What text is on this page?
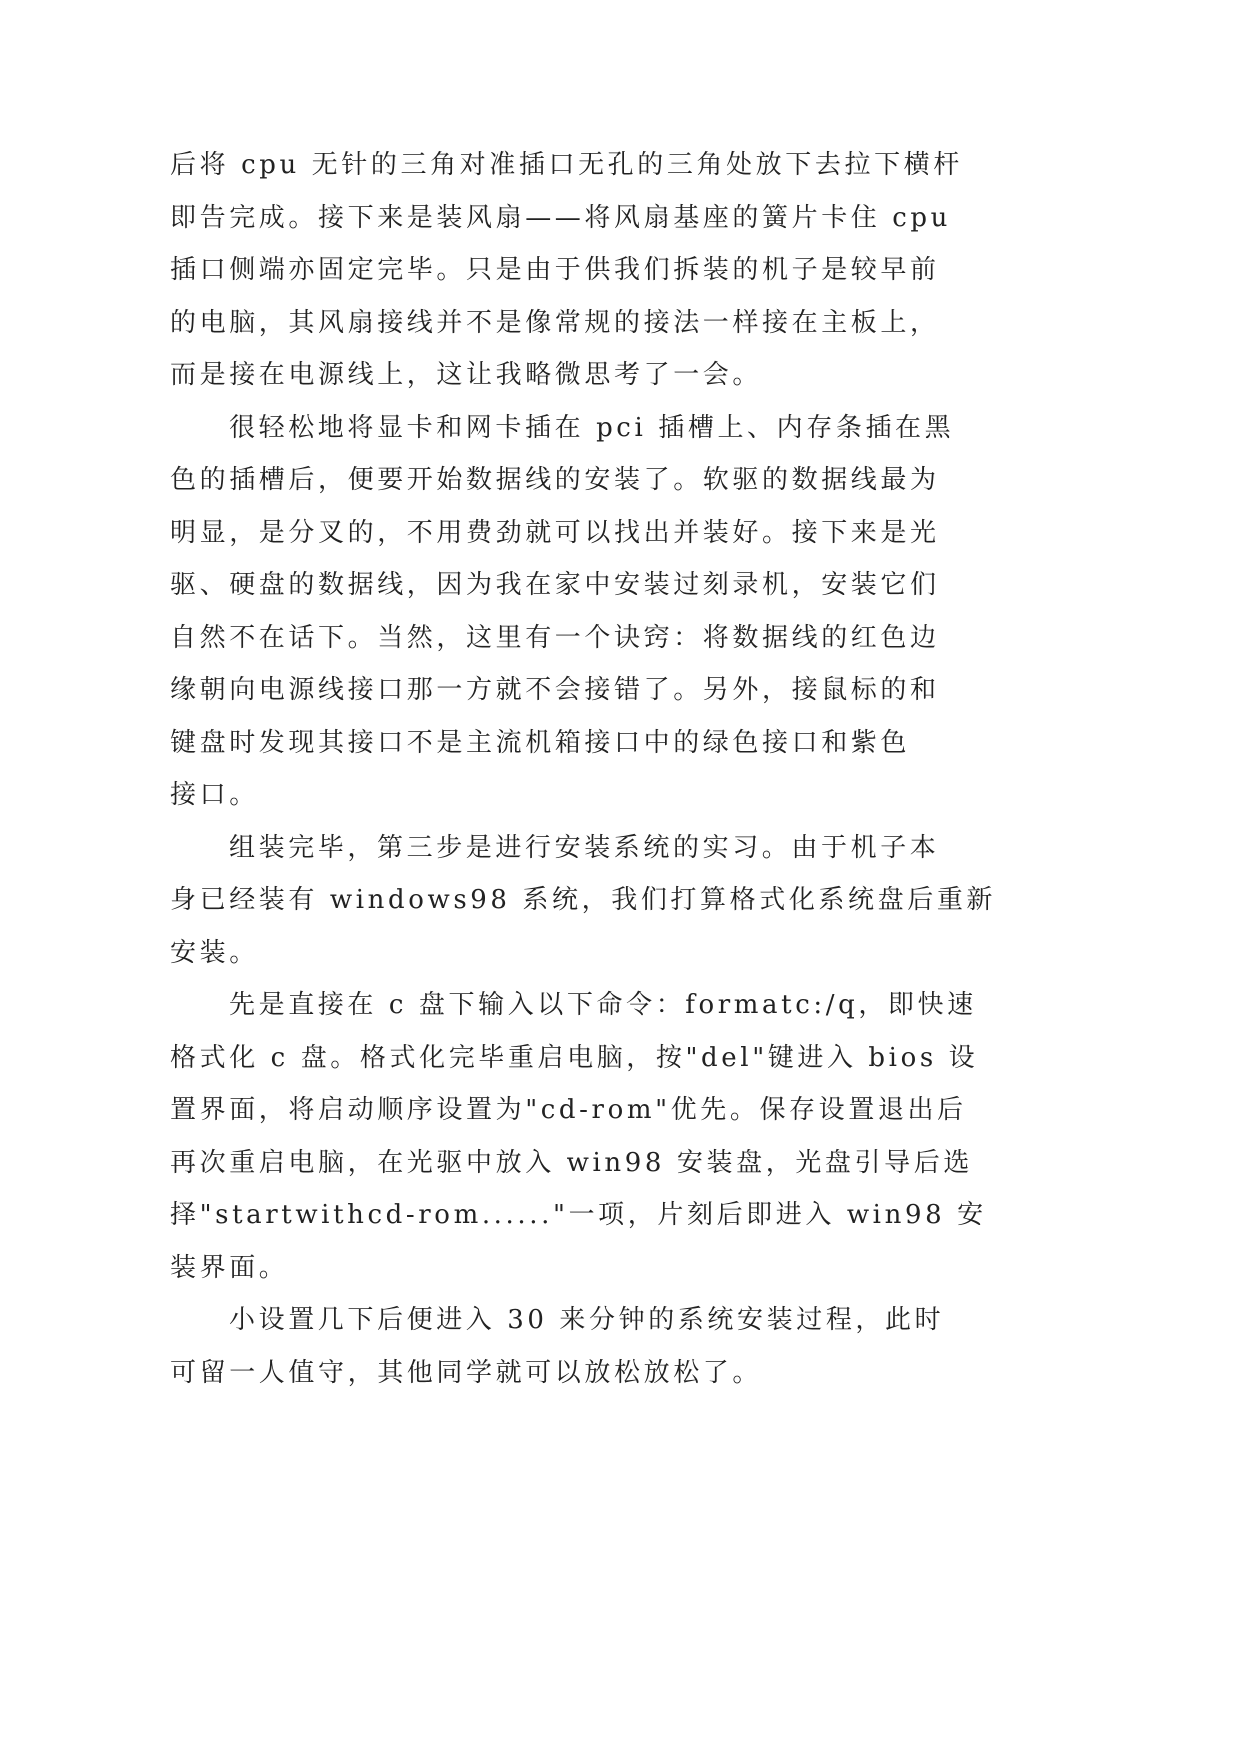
后将 cpu 无针的三角对准插口无孔的三角处放下去拉下横杆
即告完成。接下来是装风扇——将风扇基座的簧片卡住 cpu
插口侧端亦固定完毕。只是由于供我们拆装的机子是较早前
的电脑，其风扇接线并不是像常规的接法一样接在主板上，
而是接在电源线上，这让我略微思考了一会。
很轻松地将显卡和网卡插在 pci 插槽上、内存条插在黑
色的插槽后，便要开始数据线的安装了。软驱的数据线最为
明显，是分叉的，不用费劲就可以找出并装好。接下来是光
驱、硬盘的数据线，因为我在家中安装过刻录机，安装它们
自然不在话下。当然，这里有一个诀窍：将数据线的红色边
缘朝向电源线接口那一方就不会接错了。另外，接鼠标的和
键盘时发现其接口不是主流机箱接口中的绿色接口和紫色
接口。
组装完毕，第三步是进行安装系统的实习。由于机子本
身已经装有 windows98 系统，我们打算格式化系统盘后重新
安装。
先是直接在 c 盘下输入以下命令：formatc:/q，即快速
格式化 c 盘。格式化完毕重启电脑，按"del"键进入 bios 设
置界面，将启动顺序设置为"cd-rom"优先。保存设置退出后
再次重启电脑，在光驱中放入 win98 安装盘，光盘引导后选
择"startwithcd-rom......"一项，片刻后即进入 win98 安
装界面。
小设置几下后便进入 30 来分钟的系统安装过程，此时
可留一人值守，其他同学就可以放松放松了。
